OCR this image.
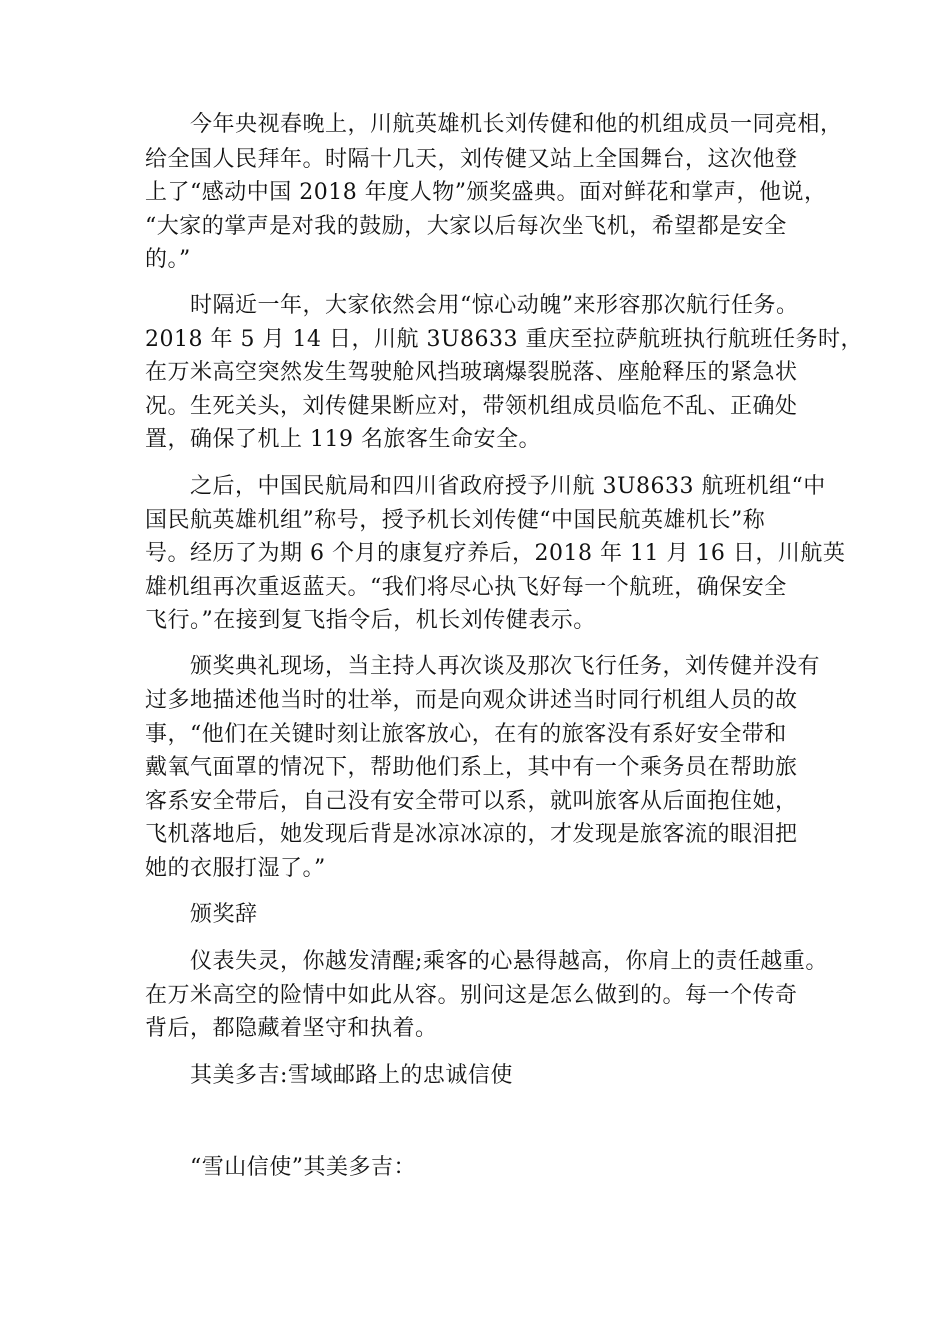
　　今年央视春晚上，川航英雄机长刘传健和他的机组成员一同亮相，
给全国人民拜年。时隔十几天，刘传健又站上全国舞台，这次他登
上了“感动中国 2018 年度人物”颁奖盛典。面对鲜花和掌声，他说，
“大家的掌声是对我的鼓励，大家以后每次坐飞机，希望都是安全
的。”
　　时隔近一年，大家依然会用“惊心动魄”来形容那次航行任务。
2018 年 5 月 14 日，川航 3U8633 重庆至拉萨航班执行航班任务时，
在万米高空突然发生驾驶舱风挡玻璃爆裂脱落、座舱释压的紧急状
况。生死关头，刘传健果断应对，带领机组成员临危不乱、正确处
置，确保了机上 119 名旅客生命安全。
　　之后，中国民航局和四川省政府授予川航 3U8633 航班机组“中
国民航英雄机组”称号，授予机长刘传健“中国民航英雄机长”称
号。经历了为期 6 个月的康复疗养后，2018 年 11 月 16 日，川航英
雄机组再次重返蓝天。“我们将尽心执飞好每一个航班，确保安全
飞行。”在接到复飞指令后，机长刘传健表示。
　　颁奖典礼现场，当主持人再次谈及那次飞行任务，刘传健并没有
过多地描述他当时的壮举，而是向观众讲述当时同行机组人员的故
事，“他们在关键时刻让旅客放心，在有的旅客没有系好安全带和
戴氧气面罩的情况下，帮助他们系上，其中有一个乘务员在帮助旅
客系安全带后，自己没有安全带可以系，就叫旅客从后面抱住她，
飞机落地后，她发现后背是冰凉冰凉的，才发现是旅客流的眼泪把
她的衣服打湿了。”
　　颁奖辞
　　仪表失灵，你越发清醒;乘客的心悬得越高，你肩上的责任越重。
在万米高空的险情中如此从容。别问这是怎么做到的。每一个传奇
背后，都隐藏着坚守和执着。
　　其美多吉:雪域邮路上的忠诚信使
　　“雪山信使”其美多吉：
